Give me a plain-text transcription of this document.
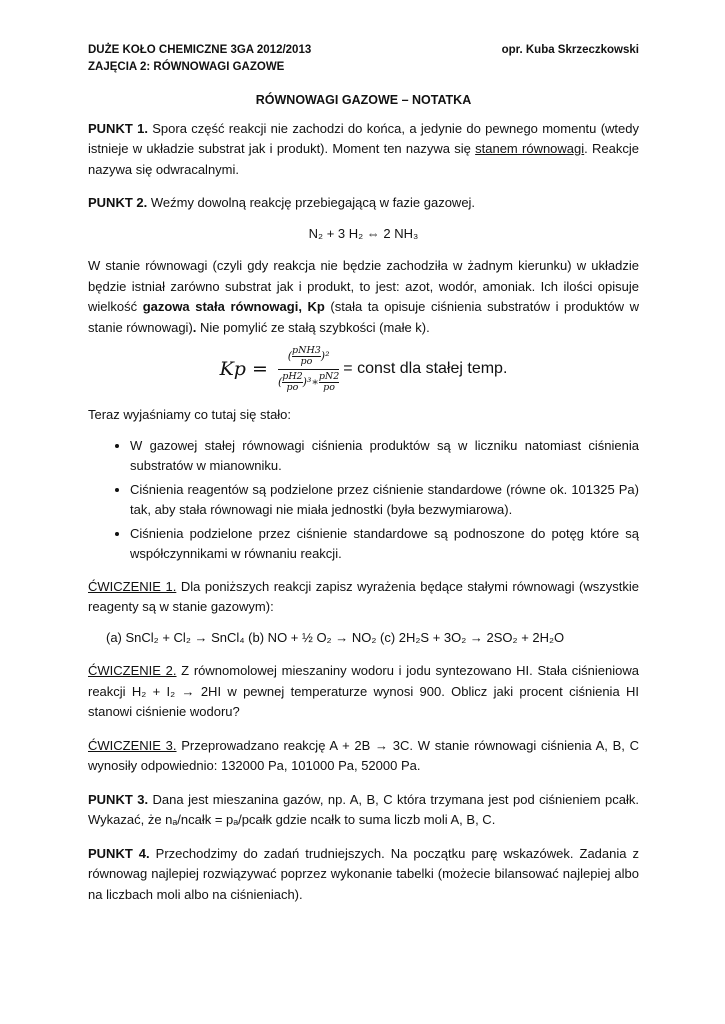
DUŻE KOŁO CHEMICZNE 3GA 2012/2013	opr. Kuba Skrzeczkowski
ZAJĘCIA 2: RÓWNOWAGI GAZOWE
RÓWNOWAGI GAZOWE – NOTATKA

PUNKT 1. Spora część reakcji nie zachodzi do końca, a jedynie do pewnego momentu (wtedy istnieje w układzie substrat jak i produkt). Moment ten nazywa się stanem równowagi. Reakcje nazywa się odwracalnymi.

PUNKT 2. Weźmy dowolną reakcję przebiegającą w fazie gazowej.

N₂ + 3 H₂ ⇔ 2 NH₃

W stanie równowagi (czyli gdy reakcja nie będzie zachodziła w żadnym kierunku) w układzie będzie istniał zarówno substrat jak i produkt, to jest: azot, wodór, amoniak. Ich ilości opisuje wielkość gazowa stała równowagi, Kp (stała ta opisuje ciśnienia substratów i produktów w stanie równowagi). Nie pomylić ze stałą szybkości (małe k).

Kp = ( pNH3
po )²
( $\frac{pH2}{po}$ )³∗ $\frac{pN2}{po}$ = const dla stałej temp.

Teraz wyjaśniamy co tutaj się stało:

• W gazowej stałej równowagi ciśnienia produktów są w liczniku natomiast ciśnienia substratów w mianowniku.
• Ciśnienia reagentów są podzielone przez ciśnienie standardowe (równe ok. 101325 Pa) tak, aby stała równowagi nie miała jednostki (była bezwymiarowa).
• Ciśnienia podzielone przez ciśnienie standardowe są podnoszone do potęg które są współczynnikami w równaniu reakcji.

ĆWICZENIE 1. Dla poniższych reakcji zapisz wyrażenia będące stałymi równowagi (wszystkie reagenty są w stanie gazowym):

(a) SnCl₂ + Cl₂ → SnCl₄ (b) NO + ½ O₂ → NO₂ (c) 2H₂S + 3O₂ → 2SO₂ + 2H₂O

ĆWICZENIE 2. Z równomolowej mieszaniny wodoru i jodu syntezowano HI. Stała ciśnieniowa reakcji H₂ + I₂ → 2HI w pewnej temperaturze wynosi 900. Oblicz jaki procent ciśnienia HI stanowi ciśnienie wodoru?

ĆWICZENIE 3. Przeprowadzano reakcję A + 2B → 3C. W stanie równowagi ciśnienia A, B, C wynosiły odpowiednio: 132000 Pa, 101000 Pa, 52000 Pa.

PUNKT 3. Dana jest mieszanina gazów, np. A, B, C która trzymana jest pod ciśnieniem pcałk. Wykazać, że nₐ/ncałk = pₐ/pcałk gdzie ncałk to suma liczb moli A, B, C.

PUNKT 4. Przechodzimy do zadań trudniejszych. Na początku parę wskazówek. Zadania z równowag najlepiej rozwiązywać poprzez wykonanie tabelki (możecie bilansować najlepiej albo na liczbach moli albo na ciśnieniach).
